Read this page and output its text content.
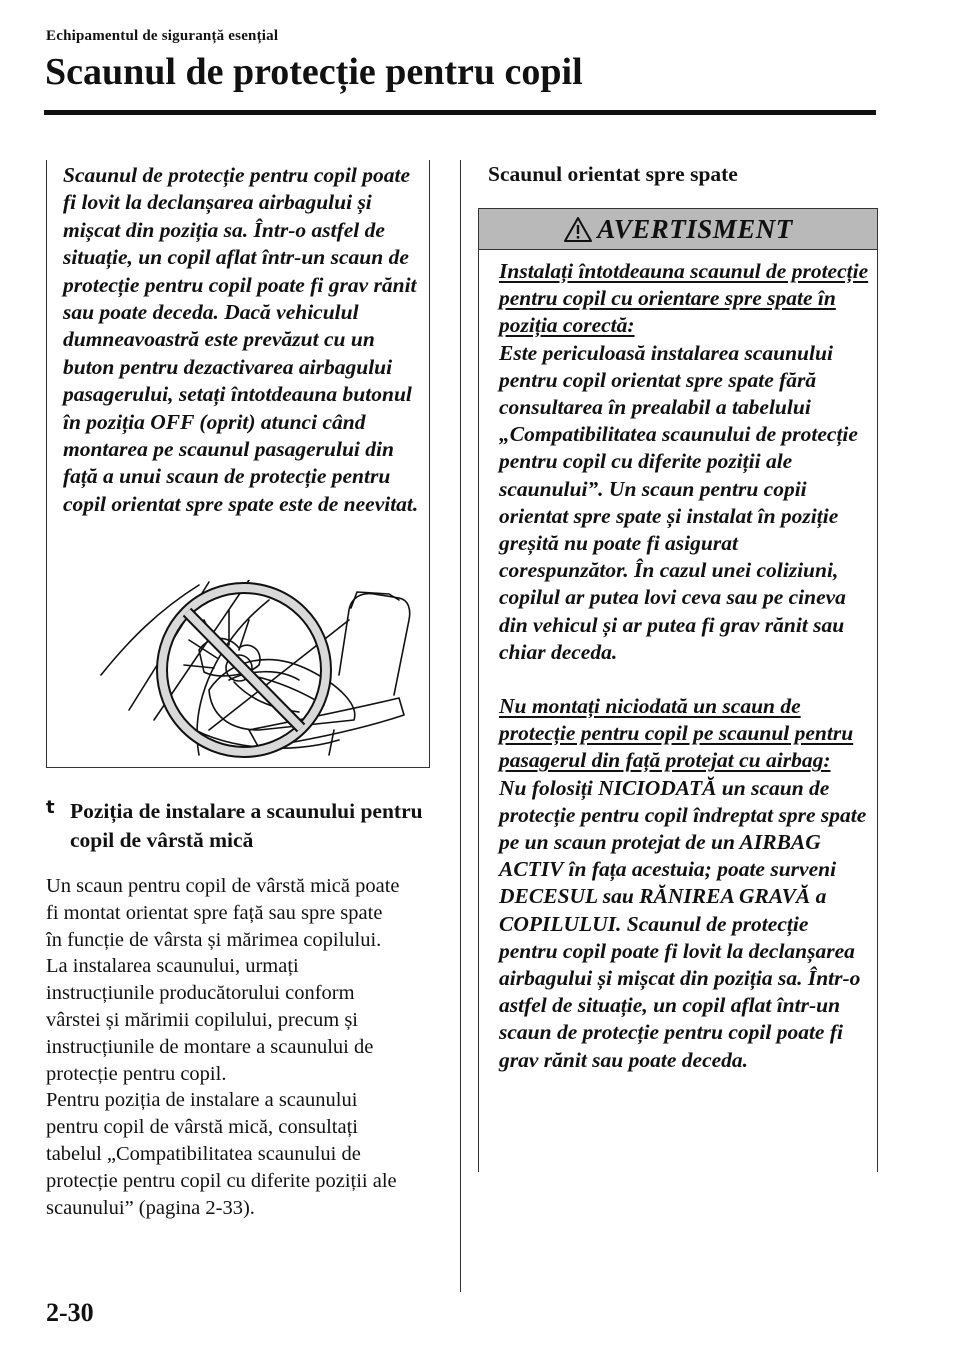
Echipamentul de siguranță esențial
Scaunul de protecție pentru copil

Scaunul de protecție pentru copil poate fi lovit la declanșarea airbagului și mișcat din poziția sa. Într-o astfel de situație, un copil aflat într-un scaun de protecție pentru copil poate fi grav rănit sau poate deceda. Dacă vehiculul dumneavoastră este prevăzut cu un buton pentru dezactivarea airbagului pasagerului, setați întotdeauna butonul în poziția OFF (oprit) atunci când montarea pe scaunul pasagerului din față a unui scaun de protecție pentru copil orientat spre spate este de neevitat.

t Poziția de instalare a scaunului pentru copil de vârstă mică
Un scaun pentru copil de vârstă mică poate
fi montat orientat spre față sau spre spate
în funcție de vârsta și mărimea copilului.
La instalarea scaunului, urmați
instrucțiunile producătorului conform
vârstei și mărimii copilului, precum și
instrucțiunile de montare a scaunului de
protecție pentru copil.
Pentru poziția de instalare a scaunului
pentru copil de vârstă mică, consultați
tabelul „Compatibilitatea scaunului de
protecție pentru copil cu diferite poziții ale
scaunului” (pagina 2-33).
Scaunul orientat spre spate
AVERTISMENT

Instalați întotdeauna scaunul de protecție pentru copil cu orientare spre spate în poziția corectă:

Este periculoasă instalarea scaunului pentru copil orientat spre spate fără consultarea în prealabil a tabelului „Compatibilitatea scaunului de protecție pentru copil cu diferite poziții ale scaunului”. Un scaun pentru copii orientat spre spate și instalat în poziție greșită nu poate fi asigurat corespunzător. În cazul unei coliziuni, copilul ar putea lovi ceva sau pe cineva din vehicul și ar putea fi grav rănit sau chiar deceda.

Nu montați niciodată un scaun de protecție pentru copil pe scaunul pentru pasagerul din față protejat cu airbag:

Nu folosiți NICIODATĂ un scaun de protecție pentru copil îndreptat spre spate pe un scaun protejat de un AIRBAG ACTIV în fața acestuia; poate surveni DECESUL sau RĂNIREA GRAVĂ a COPILULUI. Scaunul de protecție pentru copil poate fi lovit la declanșarea airbagului și mișcat din poziția sa. Într-o astfel de situație, un copil aflat într-un scaun de protecție pentru copil poate fi grav rănit sau poate deceda.

2-30
